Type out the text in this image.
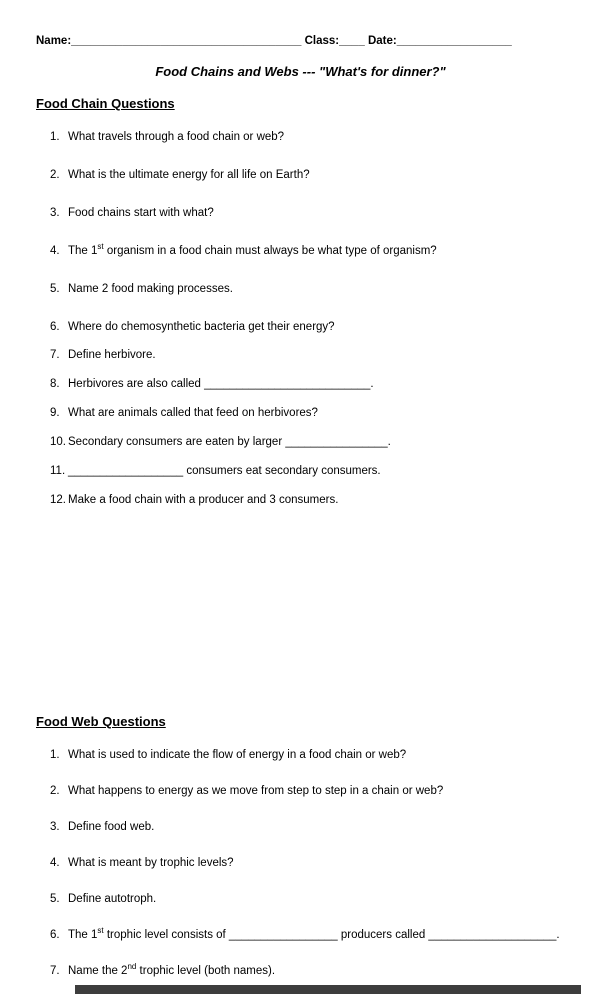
Name:____________________________________ Class:____ Date:__________________
Food Chains and Webs --- "What's for dinner?"
Food Chain Questions
1. What travels through a food chain or web?
2. What is the ultimate energy for all life on Earth?
3. Food chains start with what?
4. The 1st organism in a food chain must always be what type of organism?
5. Name 2 food making processes.
6. Where do chemosynthetic bacteria get their energy?
7. Define herbivore.
8. Herbivores are also called __________________________.
9. What are animals called that feed on herbivores?
10. Secondary consumers are eaten by larger ________________.
11. __________________ consumers eat secondary consumers.
12. Make a food chain with a producer and 3 consumers.
Food Web Questions
1. What is used to indicate the flow of energy in a food chain or web?
2. What happens to energy as we move from step to step in a chain or web?
3. Define food web.
4. What is meant by trophic levels?
5. Define autotroph.
6. The 1st trophic level consists of _________________ producers called ____________________.
7. Name the 2nd trophic level (both names).
